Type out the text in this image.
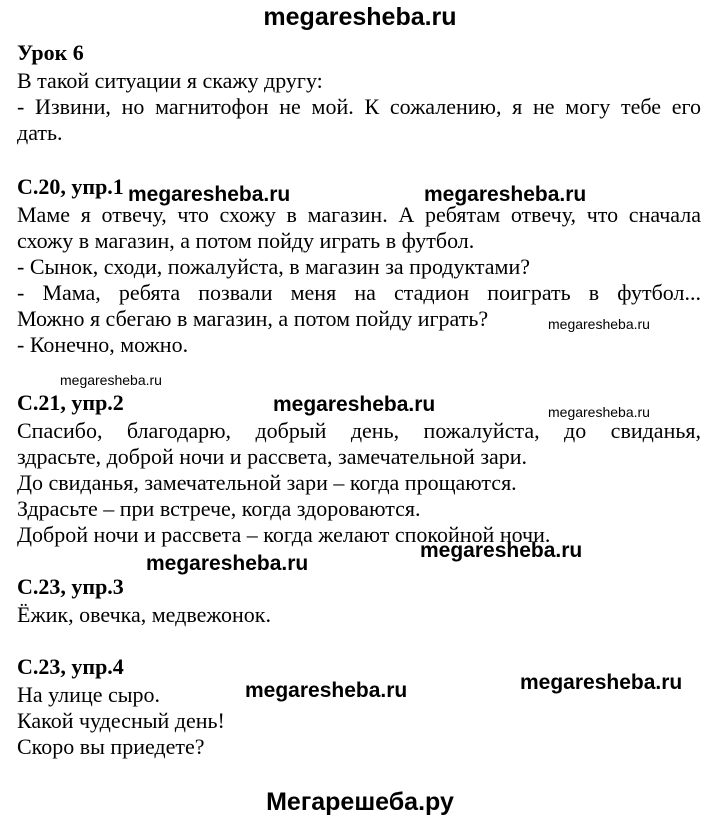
megaresheba.ru
Урок 6
В такой ситуации я скажу другу:
- Извини, но магнитофон не мой. К сожалению, я не могу тебе его
дать.
С.20, упр.1
Маме я отвечу, что схожу в магазин. А ребятам отвечу, что сначала
схожу в магазин, а потом пойду играть в футбол.
- Сынок, сходи, пожалуйста, в магазин за продуктами?
- Мама, ребята позвали меня на стадион поиграть в футбол...
Можно я сбегаю в магазин, а потом пойду играть?
- Конечно, можно.
С.21, упр.2
Спасибо, благодарю, добрый день, пожалуйста, до свиданья,
здрасьте, доброй ночи и рассвета, замечательной зари.
До свиданья, замечательной зари – когда прощаются.
Здрасьте – при встрече, когда здороваются.
Доброй ночи и рассвета – когда желают спокойной ночи.
С.23, упр.3
Ёжик, овечка, медвежонок.
С.23, упр.4
На улице сыро.
Какой чудесный день!
Скоро вы приедете?
megaresheba.ru	megaresheba.ru
megaresheba.ru
megaresheba.ru
megaresheba.ru	megaresheba.ru
megaresheba.ru
megaresheba.ru
megaresheba.ru	megaresheba.ru
Мегарешеба.ру
